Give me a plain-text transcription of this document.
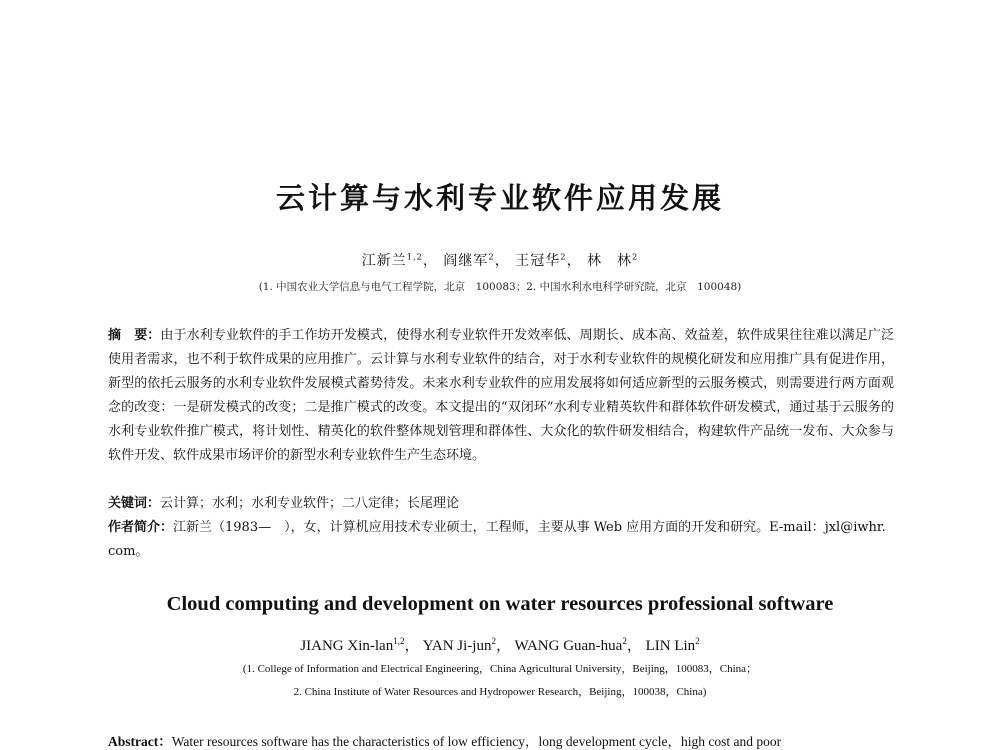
云计算与水利专业软件应用发展
江新兰$^{1,2}$， 阎继军$^2$， 王冠华$^2$， 林　林$^2$
(1. 中国农业大学信息与电气工程学院，北京　100083；2. 中国水利水电科学研究院，北京　100048)

摘　要：由于水利专业软件的手工作坊开发模式，使得水利专业软件开发效率低、周期长、成本高、效益差，软件成果往往难以满足广泛使用者需求，也不利于软件成果的应用推广。云计算与水利专业软件的结合，对于水利专业软件的规模化研发和应用推广具有促进作用，新型的依托云服务的水利专业软件发展模式蓄势待发。未来水利专业软件的应用发展将如何适应新型的云服务模式，则需要进行两方面观念的改变：一是研发模式的改变；二是推广模式的改变。本文提出的“双闭环”水利专业精英软件和群体软件研发模式，通过基于云服务的水利专业软件推广模式，将计划性、精英化的软件整体规划管理和群体性、大众化的软件研发相结合，构建软件产品统一发布、大众参与软件开发、软件成果市场评价的新型水利专业软件生产生态环境。

关键词：云计算；水利；水利专业软件；二八定律；长尾理论

作者简介：江新兰（1983—　），女，计算机应用技术专业硕士，工程师，主要从事 Web 应用方面的开发和研究。E-mail：jxl@iwhr. com。

Cloud computing and development on water resources professional software
JIANG Xin-lan$^{1,2}$， YAN Ji-jun$^2$， WANG Guan-hua$^2$， LIN Lin$^2$
(1. College of Information and Electrical Engineering，China Agricultural University，Beijing，100083，China；
2. China Institute of Water Resources and Hydropower Research，Beijing，100038，China)

Abstract：Water resources software has the characteristics of low efficiency，long development cycle，high cost and poor
